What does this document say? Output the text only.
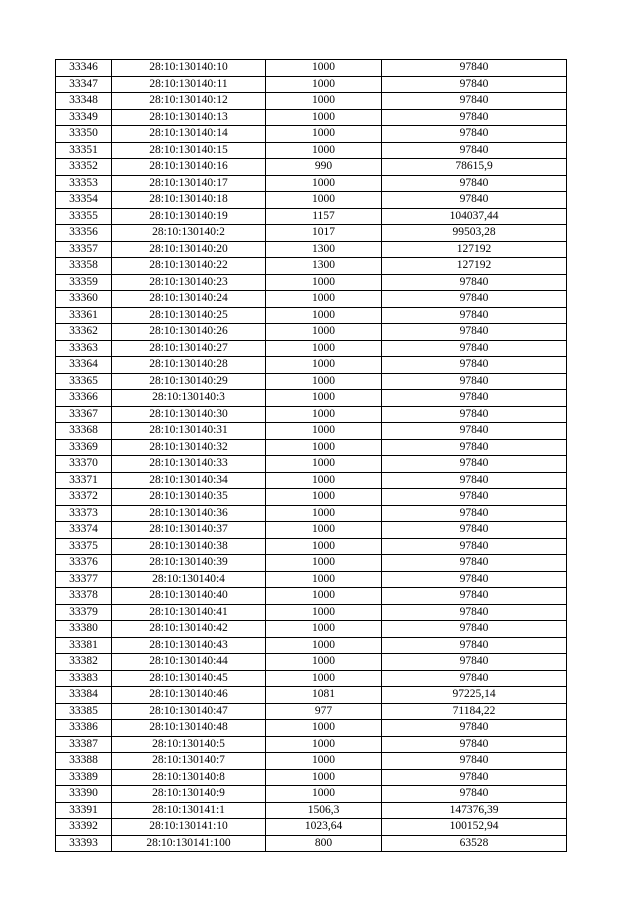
33346	28:10:130140:10	1000	97840
33347	28:10:130140:11	1000	97840
33348	28:10:130140:12	1000	97840
33349	28:10:130140:13	1000	97840
33350	28:10:130140:14	1000	97840
33351	28:10:130140:15	1000	97840
33352	28:10:130140:16	990	78615,9
33353	28:10:130140:17	1000	97840
33354	28:10:130140:18	1000	97840
33355	28:10:130140:19	1157	104037,44
33356	28:10:130140:2	1017	99503,28
33357	28:10:130140:20	1300	127192
33358	28:10:130140:22	1300	127192
33359	28:10:130140:23	1000	97840
33360	28:10:130140:24	1000	97840
33361	28:10:130140:25	1000	97840
33362	28:10:130140:26	1000	97840
33363	28:10:130140:27	1000	97840
33364	28:10:130140:28	1000	97840
33365	28:10:130140:29	1000	97840
33366	28:10:130140:3	1000	97840
33367	28:10:130140:30	1000	97840
33368	28:10:130140:31	1000	97840
33369	28:10:130140:32	1000	97840
33370	28:10:130140:33	1000	97840
33371	28:10:130140:34	1000	97840
33372	28:10:130140:35	1000	97840
33373	28:10:130140:36	1000	97840
33374	28:10:130140:37	1000	97840
33375	28:10:130140:38	1000	97840
33376	28:10:130140:39	1000	97840
33377	28:10:130140:4	1000	97840
33378	28:10:130140:40	1000	97840
33379	28:10:130140:41	1000	97840
33380	28:10:130140:42	1000	97840
33381	28:10:130140:43	1000	97840
33382	28:10:130140:44	1000	97840
33383	28:10:130140:45	1000	97840
33384	28:10:130140:46	1081	97225,14
33385	28:10:130140:47	977	71184,22
33386	28:10:130140:48	1000	97840
33387	28:10:130140:5	1000	97840
33388	28:10:130140:7	1000	97840
33389	28:10:130140:8	1000	97840
33390	28:10:130140:9	1000	97840
33391	28:10:130141:1	1506,3	147376,39
33392	28:10:130141:10	1023,64	100152,94
33393	28:10:130141:100	800	63528
